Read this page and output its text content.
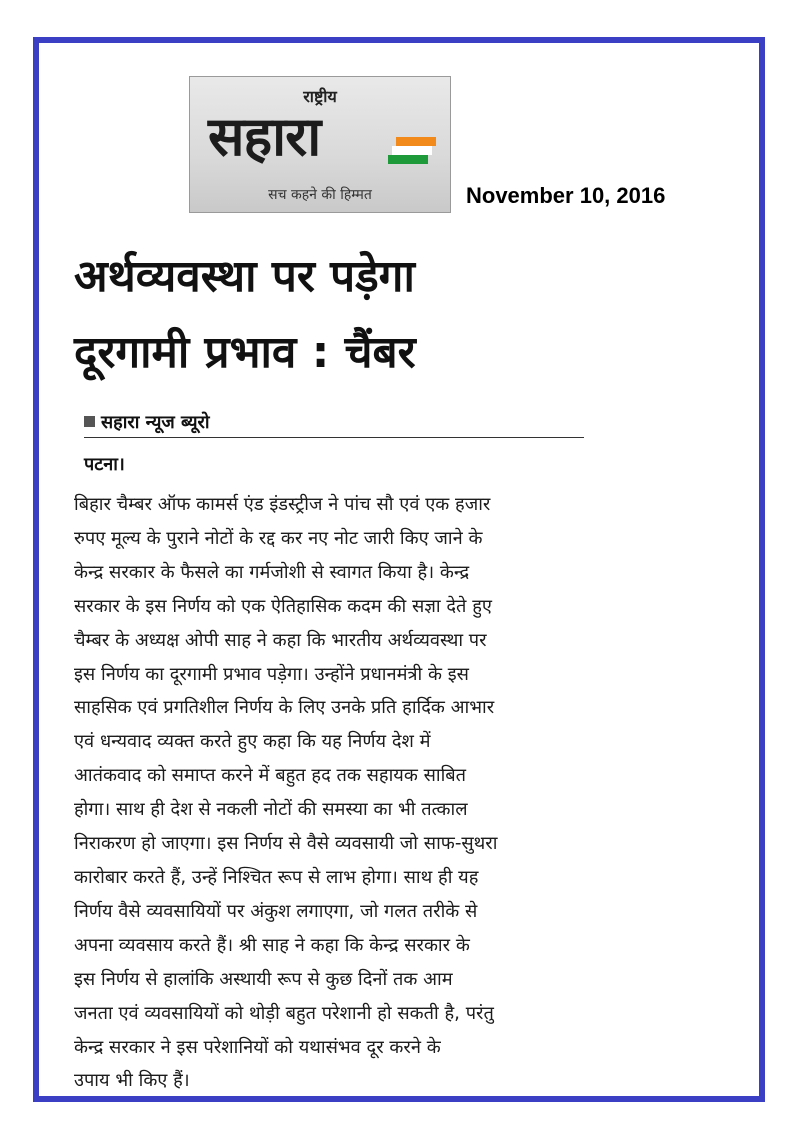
राष्ट्रीय
सहारा
सच कहने की हिम्मत	November 10, 2016
अर्थव्यवस्था पर पड़ेगा
दूरगामी प्रभाव : चैंबर
सहारा न्यूज ब्यूरो
पटना।
बिहार चैम्बर ऑफ कामर्स एंड इंडस्ट्रीज ने पांच सौ एवं एक हजार
रुपए मूल्य के पुराने नोटों के रद्द कर नए नोट जारी किए जाने के
केन्द्र सरकार के फैसले का गर्मजोशी से स्वागत किया है। केन्द्र
सरकार के इस निर्णय को एक ऐतिहासिक कदम की सज्ञा देते हुए
चैम्बर के अध्यक्ष ओपी साह ने कहा कि भारतीय अर्थव्यवस्था पर
इस निर्णय का दूरगामी प्रभाव पड़ेगा। उन्होंने प्रधानमंत्री के इस
साहसिक एवं प्रगतिशील निर्णय के लिए उनके प्रति हार्दिक आभार
एवं धन्यवाद व्यक्त करते हुए कहा कि यह निर्णय देश में
आतंकवाद को समाप्त करने में बहुत हद तक सहायक साबित
होगा। साथ ही देश से नकली नोटों की समस्या का भी तत्काल
निराकरण हो जाएगा। इस निर्णय से वैसे व्यवसायी जो साफ-सुथरा
कारोबार करते हैं, उन्हें निश्चित रूप से लाभ होगा। साथ ही यह
निर्णय वैसे व्यवसायियों पर अंकुश लगाएगा, जो गलत तरीके से
अपना व्यवसाय करते हैं। श्री साह ने कहा कि केन्द्र सरकार के
इस निर्णय से हालांकि अस्थायी रूप से कुछ दिनों तक आम
जनता एवं व्यवसायियों को थोड़ी बहुत परेशानी हो सकती है, परंतु
केन्द्र सरकार ने इस परेशानियों को यथासंभव दूर करने के
उपाय भी किए हैं।
